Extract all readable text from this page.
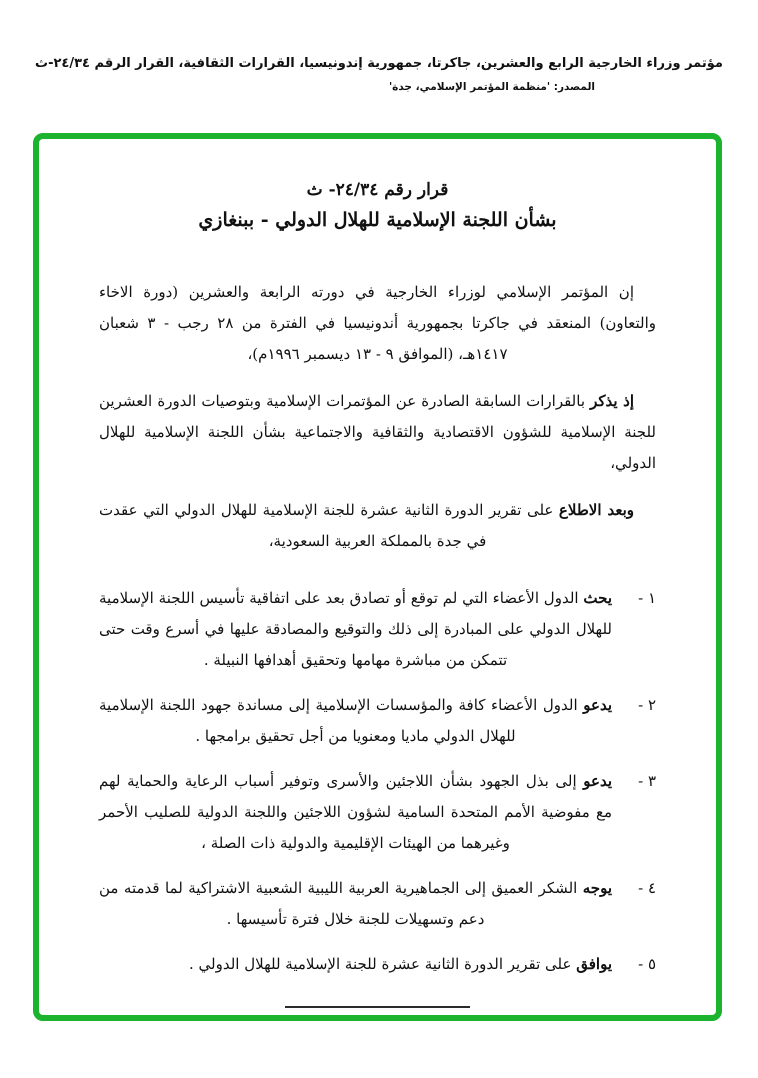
مؤتمر وزراء الخارجية الرابع والعشرين، جاكرتا، جمهورية إندونيسيا، القرارات الثقافية، القرار الرقم ٢٤/٣٤-ث
المصدر: 'منظمة المؤتمر الإسلامي، جدة'
قرار رقم ٢٤/٣٤- ث
بشأن اللجنة الإسلامية للهلال الدولي - ببنغازي

إن المؤتمر الإسلامي لوزراء الخارجية في دورته الرابعة والعشرين (دورة الاخاء والتعاون) المنعقد في جاكرتا بجمهورية أندونيسيا في الفترة من ٢٨ رجب - ٣ شعبان ١٤١٧هـ، (الموافق ٩ - ١٣ ديسمبر ١٩٩٦م)،

إذ يذكر بالقرارات السابقة الصادرة عن المؤتمرات الإسلامية وبتوصيات الدورة العشرين للجنة الإسلامية للشؤون الاقتصادية والثقافية والاجتماعية بشأن اللجنة الإسلامية للهلال الدولي،

وبعد الاطلاع على تقرير الدورة الثانية عشرة للجنة الإسلامية للهلال الدولي التي عقدت في جدة بالمملكة العربية السعودية،

١ -
يحث الدول الأعضاء التي لم توقع أو تصادق بعد على اتفاقية تأسيس اللجنة الإسلامية للهلال الدولي على المبادرة إلى ذلك والتوقيع والمصادقة عليها في أسرع وقت حتى تتمكن من مباشرة مهامها وتحقيق أهدافها النبيلة .
٢ -
يدعو الدول الأعضاء كافة والمؤسسات الإسلامية إلى مساندة جهود اللجنة الإسلامية للهلال الدولي ماديا ومعنويا من أجل تحقيق برامجها .
٣ -
يدعو إلى بذل الجهود بشأن اللاجئين والأسرى وتوفير أسباب الرعاية والحماية لهم مع مفوضية الأمم المتحدة السامية لشؤون اللاجئين واللجنة الدولية للصليب الأحمر وغيرهما من الهيئات الإقليمية والدولية ذات الصلة ،
٤ -
يوجه الشكر العميق إلى الجماهيرية العربية الليبية الشعبية الاشتراكية لما قدمته من دعم وتسهيلات للجنة خلال فترة تأسيسها .
٥ -
يوافق على تقرير الدورة الثانية عشرة للجنة الإسلامية للهلال الدولي .
